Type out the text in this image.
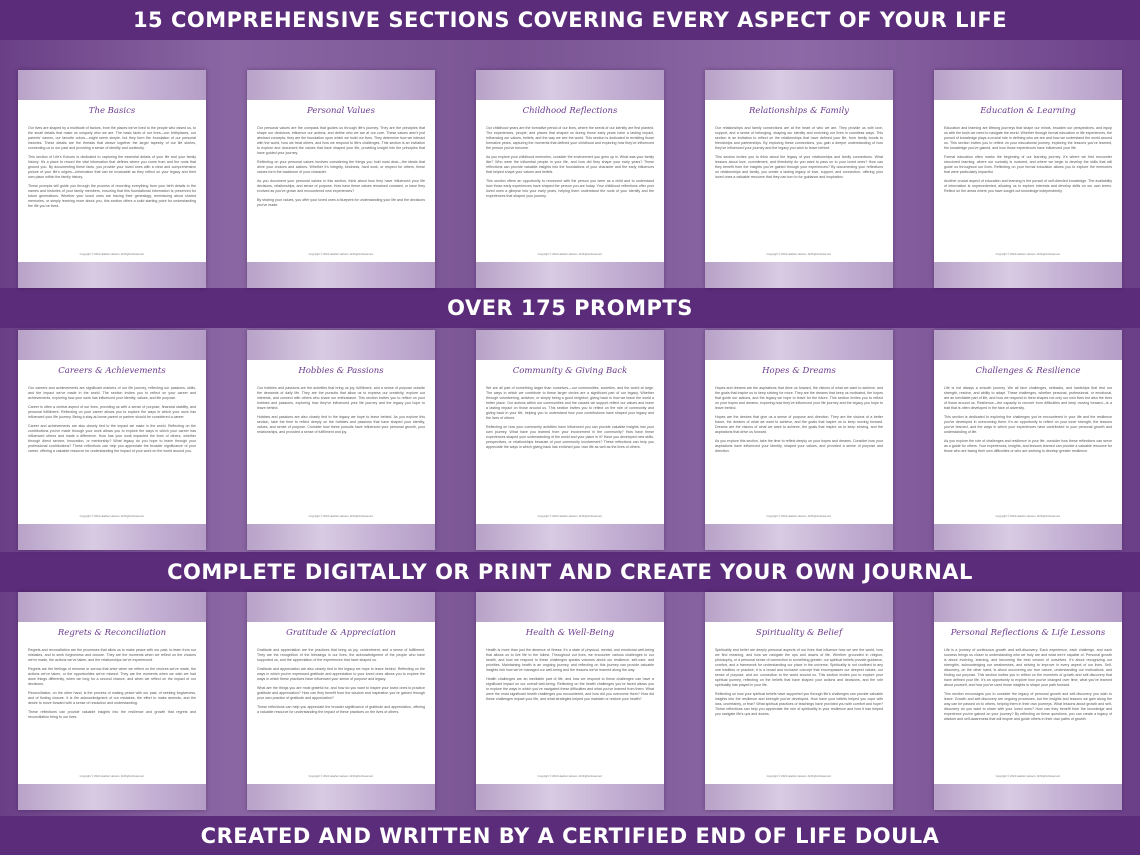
15 COMPREHENSIVE SECTIONS COVERING EVERY ASPECT OF YOUR LIFE
OVER 175 PROMPTS
COMPLETE DIGITALLY OR PRINT AND CREATE YOUR OWN JOURNAL
CREATED AND WRITTEN BY A CERTIFIED END OF LIFE DOULA
The Basics

Our lives are shaped by a multitude of factors, from the places we've lived to the people who raised us, to the small details that make us uniquely who we are. The basic facts of our lives—our birthplaces, our parents' names, our favorite colors—might seem simple, but they form the foundation of our personal histories. These details are the threads that weave together the larger tapestry of our life stories, connecting us to our past and providing a sense of identity and continuity.

This section of Life's Echoes is dedicated to capturing the essential details of your life and your family history. It's a place to record the vital information that defines where you come from and the roots that ground you. By documenting these facts, you provide your loved ones with a clear and comprehensive picture of your life's origins—information that can be invaluable as they reflect on your legacy and their own place within the family history.

These prompts will guide you through the process of recording everything from your birth details to the names and histories of your family members, ensuring that this foundational information is preserved for future generations. Whether your loved ones are tracing their genealogy, reminiscing about shared memories, or simply learning more about you, this section offers a solid starting point for understanding the life you've lived.

Copyright © 2024 Heather Hanson. All Rights Reserved.
Personal Values

Our personal values are the compass that guides us through life's journey. They are the principles that shape our decisions, influence our actions, and define who we are at our core. These values aren't just abstract concepts; they are the foundation upon which we build our lives. They determine how we interact with the world, how we treat others, and how we respond to life's challenges. This section is an invitation to explore and document the values that have shaped your life, providing insight into the principles that have guided your journey.

Reflecting on your personal values involves considering the things you hold most dear—the ideals that drive your choices and actions. Whether it's integrity, kindness, hard work, or respect for others, these values form the backbone of your character.

As you document your personal values in this section, think about how they have influenced your life decisions, relationships, and sense of purpose. How have these values remained constant, or have they evolved as you've grown and encountered new experiences?

By sharing your values, you offer your loved ones a blueprint for understanding your life and the decisions you've made.

Copyright © 2024 Heather Hanson. All Rights Reserved.
Childhood Reflections

Our childhood years are the formative period of our lives, where the seeds of our identity are first planted. The experiences, people, and places that shaped us during those early years have a lasting impact, influencing our values, beliefs, and the way we see the world. This section is dedicated to revisiting those formative years, capturing the moments that defined your childhood and exploring how they've influenced the person you've become.

As you explore your childhood memories, consider the environment you grew up in. What was your family like? Who were the influential people in your life, and how did they shape your early years? These reflections can provide valuable insights into the foundations of your character and the early influences that helped shape your values and beliefs.

This section offers an opportunity to reconnect with the person you were as a child and to understand how those early experiences have shaped the person you are today. Your childhood reflections offer your loved ones a glimpse into your early years, helping them understand the roots of your identity and the experiences that shaped your journey.

Copyright © 2024 Heather Hanson. All Rights Reserved.
Relationships & Family

Our relationships and family connections are at the heart of who we are. They provide us with love, support, and a sense of belonging, shaping our identity and enriching our lives in countless ways. This section is an invitation to reflect on the relationships that have defined your life, from family bonds to friendships and partnerships. By exploring these connections, you gain a deeper understanding of how they've influenced your journey and the legacy you wish to leave behind.

This section invites you to think about the legacy of your relationships and family connections. What lessons about love, commitment, and friendship do you want to pass on to your loved ones? How can they benefit from the insights you've gained through your experiences? By documenting your reflections on relationships and family, you create a lasting legacy of love, support, and connection, offering your loved ones a valuable resource that they can turn to for guidance and inspiration.

Copyright © 2024 Heather Hanson. All Rights Reserved.
Education & Learning

Education and learning are lifelong journeys that shape our minds, broaden our perspectives, and equip us with the tools we need to navigate the world. Whether through formal education or life experiences, the pursuit of knowledge plays a crucial role in defining who we are and how we understand the world around us. This section invites you to reflect on your educational journey, exploring the lessons you've learned, the knowledge you've gained, and how those experiences have influenced your life.

Formal education often marks the beginning of our learning journey. It's where we first encounter structured learning, where our curiosity is nurtured, and where we begin to develop the skills that will guide us throughout our lives. Reflecting on your formal education allows you to explore the memories that were particularly impactful.

Another crucial aspect of education and learning is the pursuit of self-directed knowledge. The availability of information is unprecedented, allowing us to explore interests and develop skills on our own terms. Reflect on the areas where you have sought out knowledge independently.

Copyright © 2024 Heather Hanson. All Rights Reserved.
Careers & Achievements

Our careers and achievements are significant markers of our life journey, reflecting our passions, skills, and the impact we've made in the world. The section invites you to reflect on your career and achievements, exploring how your work has influenced your identity, values, and life purpose.

Career is often a central aspect of our lives, providing us with a sense of purpose, financial stability, and personal fulfillment. Reflecting on your career allows you to explore the ways in which your work has influenced your life journey. Being a stay-at-home parent or partner should be considered a career.

Career and achievements are also closely tied to the impact we make in the world. Reflecting on the contributions you've made through your work allows you to explore the ways in which your career has influenced others and made a difference. How has your work impacted the lives of others, whether through direct service, innovation, or mentorship? What legacy do you hope to leave through your professional contributions? These reflections can help you appreciate the broader significance of your career, offering a valuable resource for understanding the impact of your work on the world around you.

Copyright © 2024 Heather Hanson. All Rights Reserved.
Hobbies & Passions

Our hobbies and passions are the activities that bring us joy, fulfillment, and a sense of purpose outside the demands of daily life. They are the pursuits that allow us to express our creativity, explore our interests, and connect with others who share our enthusiasm. This section invites you to reflect on your hobbies and passions, exploring how they've influenced your life journey and the legacy you hope to leave behind.

Hobbies and passions are also closely tied to the legacy we hope to leave behind. As you explore this section, take the time to reflect deeply on the hobbies and passions that have shaped your identity, values, and sense of purpose. Consider how these pursuits have influenced your personal growth, your relationships, and provided a sense of fulfillment and joy.

Copyright © 2024 Heather Hanson. All Rights Reserved.
Community & Giving Back

We are all part of something larger than ourselves—our communities, societies, and the world at large. The ways in which we contribute to these larger circles are a significant part of our legacy. Whether through volunteering, activism, or simply being a good neighbor, giving back is how we leave the world a better place. Our actions within our communities and the causes we support reflect our values and leave a lasting impact on those around us. This section invites you to reflect on the role of community and giving back in your life, helping you to understand how your contributions have shaped your legacy and the lives of others.

Reflecting on how your community activities have influenced you can provide valuable insights into your own journey. What have you learned from your involvement in the community? How have these experiences shaped your understanding of the world and your place in it? Have you developed new skills, perspectives, or relationships because of your community involvement? These reflections can help you appreciate the ways in which giving back has enriched your own life as well as the lives of others.

Copyright © 2024 Heather Hanson. All Rights Reserved.
Hopes & Dreams

Hopes and dreams are the aspirations that drive us forward, the visions of what we want to achieve, and the goals that inspire us to keep striving for more. They are the dreams that keep us motivated, the hopes that guide our actions, and the legacy we hope to leave for the future. This section invites you to reflect on your hopes and dreams, exploring how they've influenced your life journey and the legacy you hope to leave behind.

Hopes are the desires that give us a sense of purpose and direction. They are the visions of a better future, the dreams of what we want to achieve, and the goals that inspire us to keep moving forward. Dreams are the visions of what we want to achieve, the goals that inspire us to keep striving, and the aspirations that drive us forward.

As you explore this section, take the time to reflect deeply on your hopes and dreams. Consider how your aspirations have influenced your identity, shaped your values, and provided a sense of purpose and direction.

Copyright © 2024 Heather Hanson. All Rights Reserved.
Challenges & Resilience

Life is not always a smooth journey. We all face challenges, setbacks, and hardships that test our strength, resolve, and ability to adapt. These challenges, whether personal, professional, or emotional, are an inevitable part of life, and how we respond to them shapes not only our own lives but also the lives of those around us. Resilience—the capacity to recover from difficulties and keep moving forward—is a trait that is often developed in the face of adversity.

This section is dedicated to exploring the challenges you've encountered in your life and the resilience you've developed in overcoming them. It's an opportunity to reflect on your inner strength, the lessons you've learned, and the ways in which your experiences have contributed to your personal growth and understanding of life.

As you explore the role of challenges and resilience in your life, consider how these reflections can serve as a guide for others. Your experiences, insights, and lessons learned can provide a valuable resource for those who are facing their own difficulties or who are seeking to develop greater resilience.

Copyright © 2024 Heather Hanson. All Rights Reserved.
Regrets & Reconciliation

Regrets and reconciliation are the processes that allow us to make peace with our past, to learn from our mistakes, and to seek forgiveness and closure. They are the moments when we reflect on the choices we've made, the actions we've taken, and the relationships we've experienced.

Regrets are the feelings of remorse or sorrow that arise when we reflect on the choices we've made, the actions we've taken, or the opportunities we've missed. They are the moments when we wish we had done things differently, when we long for a second chance, and when we reflect on the impact of our decisions.

Reconciliation, on the other hand, is the process of making peace with our past, of seeking forgiveness, and of finding closure. It is the acknowledgment of our mistakes, the effort to make amends, and the desire to move forward with a sense of resolution and understanding.

These reflections can provide valuable insights into the resilience and growth that regrets and reconciliation bring to our lives.

Copyright © 2024 Heather Hanson. All Rights Reserved.
Gratitude & Appreciation

Gratitude and appreciation are the practices that bring us joy, contentment, and a sense of fulfillment. They are the recognition of the blessings in our lives, the acknowledgment of the people who have supported us, and the appreciation of the experiences that have shaped us.

Gratitude and appreciation are also closely tied to the legacy we hope to leave behind. Reflecting on the ways in which you've expressed gratitude and appreciation to your loved ones allows you to explore the ways in which these practices have influenced your sense of purpose and legacy.

What are the things you are most grateful for, and how do you want to inspire your loved ones to practice gratitude and appreciation? How can they benefit from the wisdom and inspiration you've gained through your own practice of gratitude and appreciation?

These reflections can help you appreciate the broader significance of gratitude and appreciation, offering a valuable resource for understanding the impact of these practices on the lives of others.

Copyright © 2024 Heather Hanson. All Rights Reserved.
Health & Well-Being

Health is more than just the absence of illness; it's a state of physical, mental, and emotional well-being that allows us to live life to the fullest. Throughout our lives, we encounter various challenges to our health, and how we respond to these challenges speaks volumes about our resilience, self-care, and priorities. Maintaining health is an ongoing journey, and reflecting on this journey can provide valuable insights into how we've managed our well-being and the lessons we've learned along the way.

Health challenges are an inevitable part of life, and how we respond to these challenges can have a significant impact on our overall well-being. Reflecting on the health challenges you've faced allows you to explore the ways in which you've navigated these difficulties and what you've learned from them. What were the most significant health challenges you encountered, and how did you overcome them? How did these challenges impact your life, and what strategies helped you maintain or restore your health?

Copyright © 2024 Heather Hanson. All Rights Reserved.
Spirituality & Belief

Spirituality and belief are deeply personal aspects of our lives that influence how we see the world, how we find meaning, and how we navigate the ups and downs of life. Whether grounded in religion, philosophy, or a personal sense of connection to something greater, our spiritual beliefs provide guidance, comfort, and a framework for understanding our place in the universe. Spirituality is not confined to any one tradition or practice; it is a broad and inclusive concept that encompasses our deepest values, our sense of purpose, and our connection to the world around us. This section invites you to explore your spiritual journey, reflecting on the beliefs that have shaped your actions and decisions, and the role spirituality has played in your life.

Reflecting on how your spiritual beliefs have supported you through life's challenges can provide valuable insights into the resilience and strength you've developed. How have your beliefs helped you cope with loss, uncertainty, or fear? What spiritual practices or teachings have provided you with comfort and hope? These reflections can help you appreciate the role of spirituality in your resilience and how it has helped you navigate life's ups and downs.

Copyright © 2024 Heather Hanson. All Rights Reserved.
Personal Reflections & Life Lessons

Life is a journey of continuous growth and self-discovery. Each experience, each challenge, and each success brings us closer to understanding who we truly are and what we're capable of. Personal growth is about evolving, learning, and becoming the best version of ourselves. It's about recognizing our strengths, acknowledging our weaknesses, and striving to improve in every aspect of our lives. Self-discovery, on the other hand, is about uncovering our true nature, understanding our motivations, and finding our purpose. This section invites you to reflect on the moments of growth and self-discovery that have defined your life. It's an opportunity to explore how you've changed over time, what you've learned about yourself, and how you've used those insights to shape your path forward.

This section encourages you to consider the legacy of personal growth and self-discovery you wish to leave. Growth and self-discovery are ongoing processes, but the insights and lessons we gain along the way can be passed on to others, helping them in their own journeys. What lessons about growth and self-discovery do you want to share with your loved ones? How can they benefit from the knowledge and experience you've gained on your journey? By reflecting on these questions, you can create a legacy of wisdom and self-awareness that will inspire and guide others in their own paths of growth.

Copyright © 2024 Heather Hanson. All Rights Reserved.
